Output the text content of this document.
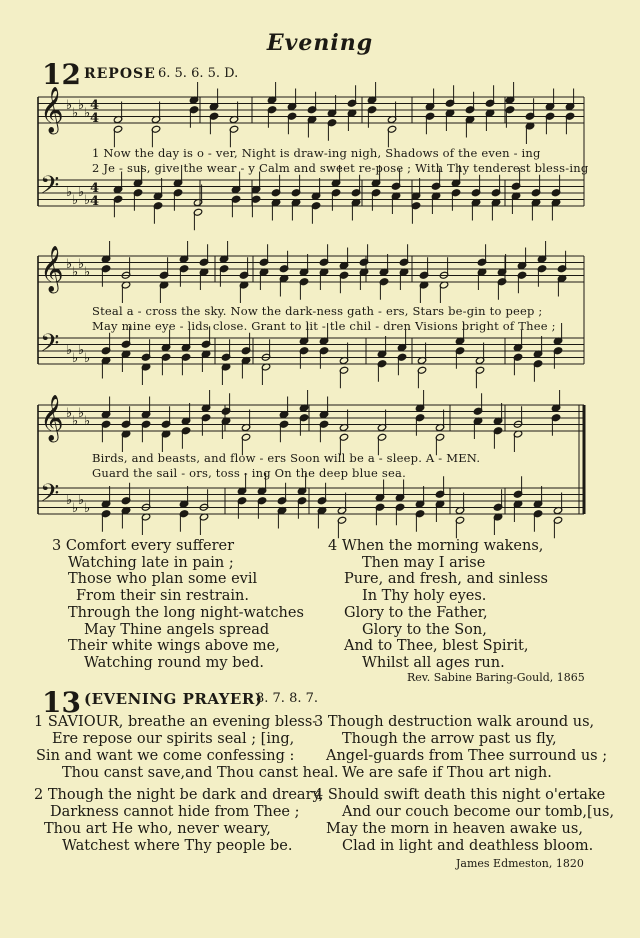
Evening
12 REPOSE 6. 5. 6. 5. D.
𝄞
𝄢
♭
♭
♭
♭
♭
♭
♭
♭
4
4
4
4
𝄞
𝄢
♭
♭
♭
♭
♭
♭
♭
♭
𝄞
𝄢
♭
♭
♭
♭
♭
♭
♭
♭
1 Now the day is o - ver, Night is draw-ing nigh, Shadows of the even - ing
2 Je - sus, give the wear - y Calm and sweet re-pose ; With Thy tenderest bless-ing
Steal a - cross the sky. Now the dark-ness gath - ers, Stars be-gin to peep ;
May mine eye - lids close. Grant to lit - tle chil - dren Visions bright of Thee ;
Birds, and beasts, and flow - ers Soon will be a - sleep. A - MEN.
Guard the sail - ors, toss - ing On the deep blue sea.
3 Comfort every sufferer
Watching late in pain ;
Those who plan some evil
From their sin restrain.
Through the long night-watches
May Thine angels spread
Their white wings above me,
Watching round my bed.
4 When the morning wakens,
Then may I arise
Pure, and fresh, and sinless
In Thy holy eyes.
Glory to the Father,
Glory to the Son,
And to Thee, blest Spirit,
Whilst all ages run.
Rev. Sabine Baring-Gould, 1865
13 (EVENING PRAYER)
8. 7. 8. 7.
1 SAVIOUR, breathe an evening bless-
Ere repose our spirits seal ; [ing,
Sin and want we come confessing :
Thou canst save,and Thou canst heal.
2 Though the night be dark and dreary,
Darkness cannot hide from Thee ;
Thou art He who, never weary,
Watchest where Thy people be.
3 Though destruction walk around us,
Though the arrow past us fly,
Angel-guards from Thee surround us ;
We are safe if Thou art nigh.
4 Should swift death this night o'ertake
And our couch become our tomb,[us,
May the morn in heaven awake us,
Clad in light and deathless bloom.
James Edmeston, 1820
